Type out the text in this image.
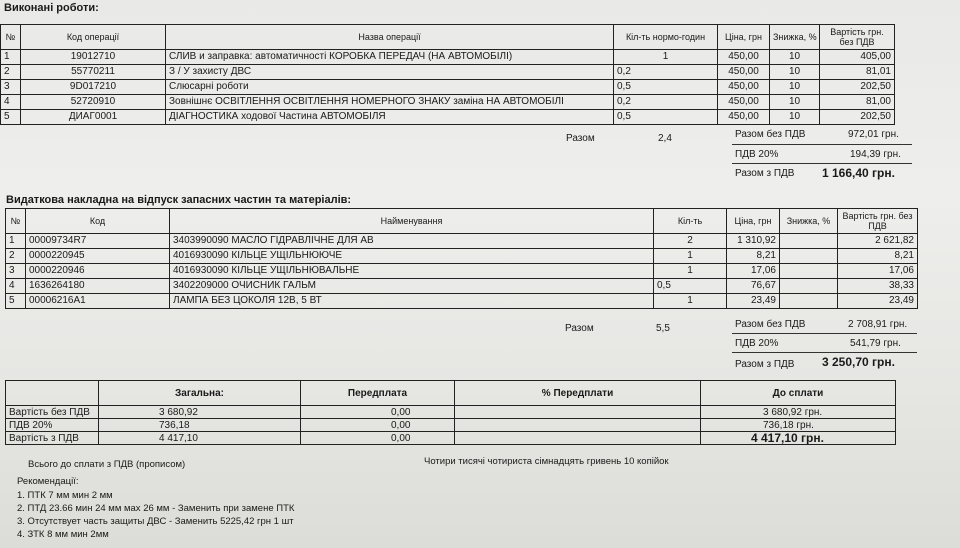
Виконані роботи:
№	Код операції	Назва операції	Кіл-ть нормо-годин	Ціна, грн	Знижка, %	Вартість грн. без ПДВ
1	19012710	СЛИВ и заправка: автоматичності КОРОБКА ПЕРЕДАЧ (НА АВТОМОБІЛІ)	1	450,00	10	405,00
2	55770211	З / У захисту ДВС	0,2	450,00	10	81,01
3	9D017210	Слюсарні роботи	0,5	450,00	10	202,50
4	52720910	Зовнішнє ОСВІТЛЕННЯ ОСВІТЛЕННЯ НОМЕРНОГО ЗНАКУ заміна НА АВТОМОБІЛІ	0,2	450,00	10	81,00
5	ДИАГ0001	ДІАГНОСТИКА ходової Частина АВТОМОБІЛЯ	0,5	450,00	10	202,50
Разом	2,4	Разом без ПДВ	972,01 грн.
ПДВ 20%	194,39 грн.
Разом з ПДВ 1 166,40 грн.
Видаткова накладна на відпуск запасних частин та матеріалів:
№	Код	Найменування	Кіл-ть	Ціна, грн	Знижка, %	Вартість грн. без ПДВ
1	00009734R7	3403990090 МАСЛО ГІДРАВЛІЧНЕ ДЛЯ АВ	2	1 310,92		2 621,82
2	0000220945	4016930090 КІЛЬЦЕ УЩІЛЬНЮЮЧЕ	1	8,21		8,21
3	0000220946	4016930090 КІЛЬЦЕ УЩІЛЬНЮВАЛЬНЕ	1	17,06		17,06
4	1636264180	3402209000 ОЧИСНИК ГАЛЬМ	0,5	76,67		38,33
5	00006216A1	ЛАМПА БЕЗ ЦОКОЛЯ 12В, 5 ВТ	1	23,49		23,49
Разом	5,5	Разом без ПДВ	2 708,91 грн.
ПДВ 20%	541,79 грн.
Разом з ПДВ 3 250,70 грн.
	Загальна:	Передплата	% Передплати	До сплати
Вартість без ПДВ	3 680,92	0,00		3 680,92 грн.
ПДВ 20%	736,18	0,00		736,18 грн.
Вартість з ПДВ	4 417,10	0,00		4 417,10 грн.
Всього до сплати з ПДВ (прописом)	Чотири тисячі чотириста сімнадцять гривень 10 копійок
Рекомендації:
1. ПТК 7 мм мин 2 мм
2. ПТД 23.66 мин 24 мм мах 26 мм - Заменить при замене ПТК
3. Отсутствует часть защиты ДВС - Заменить 5225,42 грн 1 шт
4. ЗТК 8 мм мин 2мм
